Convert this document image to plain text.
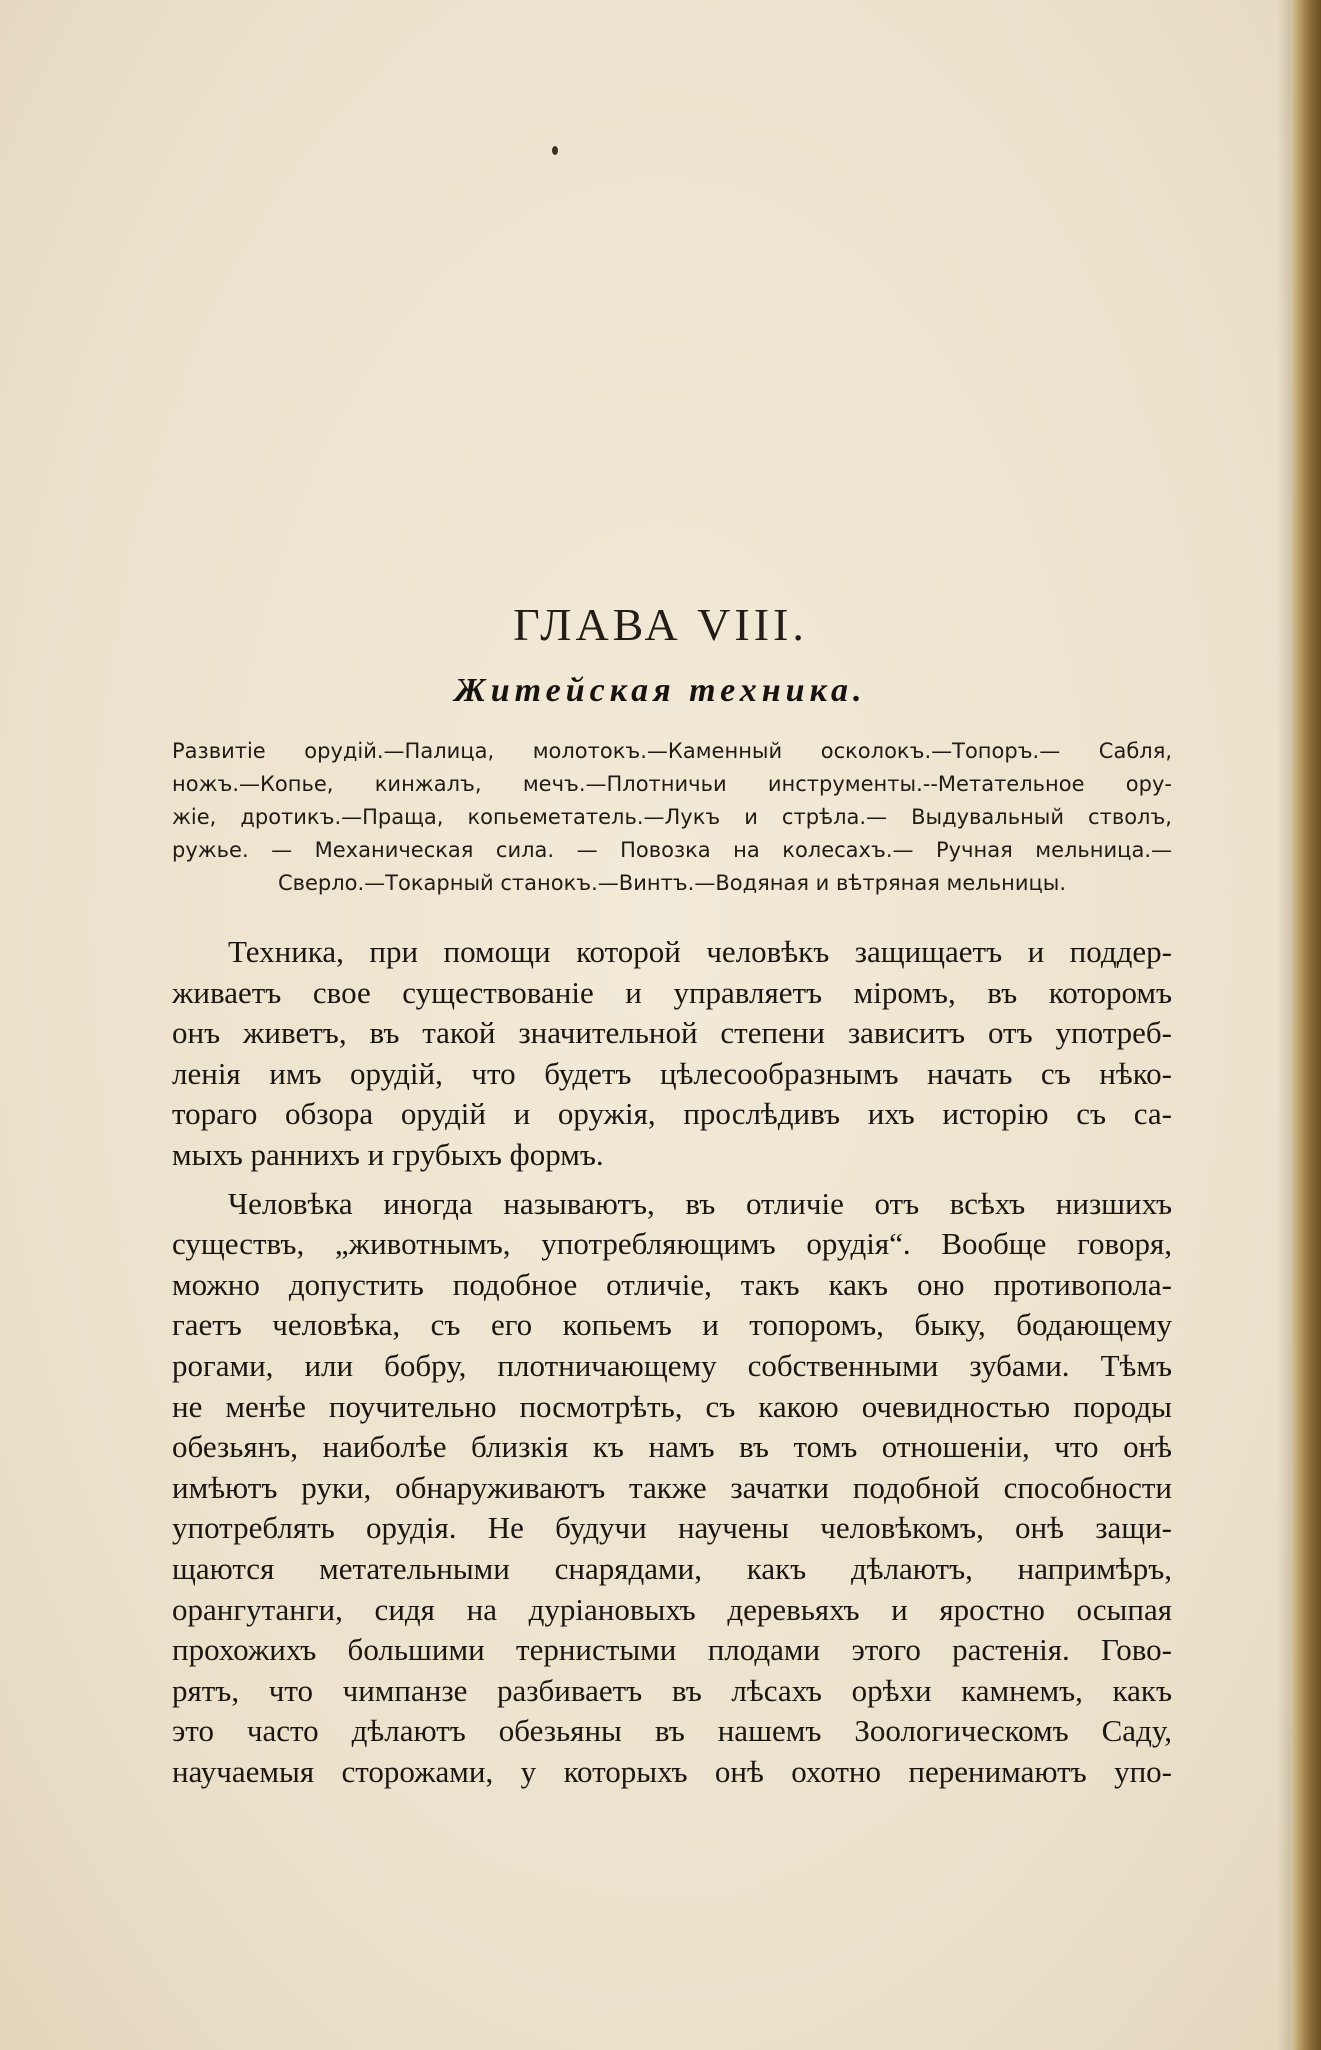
ГЛАВА VIII.
Житейская техника.
Развитіе орудій.—Палица, молотокъ.—Каменный осколокъ.—Топоръ.— Сабля,
ножъ.—Копье, кинжалъ, мечъ.—Плотничьи инструменты.--Метательное ору-
жіе, дротикъ.—Праща, копьеметатель.—Лукъ и стрѣла.— Выдувальный стволъ,
ружье. — Механическая сила. — Повозка на колесахъ.— Ручная мельница.—
Сверло.—Токарный станокъ.—Винтъ.—Водяная и вѣтряная мельницы.
Техника, при помощи которой человѣкъ защищаетъ и поддер-
живаетъ свое существованіе и управляетъ міромъ, въ которомъ
онъ живетъ, въ такой значительной степени зависитъ отъ употреб-
ленія имъ орудій, что будетъ цѣлесообразнымъ начать съ нѣко-
тораго обзора орудій и оружія, прослѣдивъ ихъ исторію съ са-
мыхъ раннихъ и грубыхъ формъ.
Человѣка иногда называютъ, въ отличіе отъ всѣхъ низшихъ
существъ, „животнымъ, употребляющимъ орудія“. Вообще говоря,
можно допустить подобное отличіе, такъ какъ оно противопола-
гаетъ человѣка, съ его копьемъ и топоромъ, быку, бодающему
рогами, или бобру, плотничающему собственными зубами. Тѣмъ
не менѣе поучительно посмотрѣть, съ какою очевидностью породы
обезьянъ, наиболѣе близкія къ намъ въ томъ отношеніи, что онѣ
имѣютъ руки, обнаруживаютъ также зачатки подобной способности
употреблять орудія. Не будучи научены человѣкомъ, онѣ защи-
щаются метательными снарядами, какъ дѣлаютъ, напримѣръ,
орангутанги, сидя на дуріановыхъ деревьяхъ и яростно осыпая
прохожихъ большими тернистыми плодами этого растенія. Гово-
рятъ, что чимпанзе разбиваетъ въ лѣсахъ орѣхи камнемъ, какъ
это часто дѣлаютъ обезьяны въ нашемъ Зоологическомъ Саду,
научаемыя сторожами, у которыхъ онѣ охотно перенимаютъ упо-
